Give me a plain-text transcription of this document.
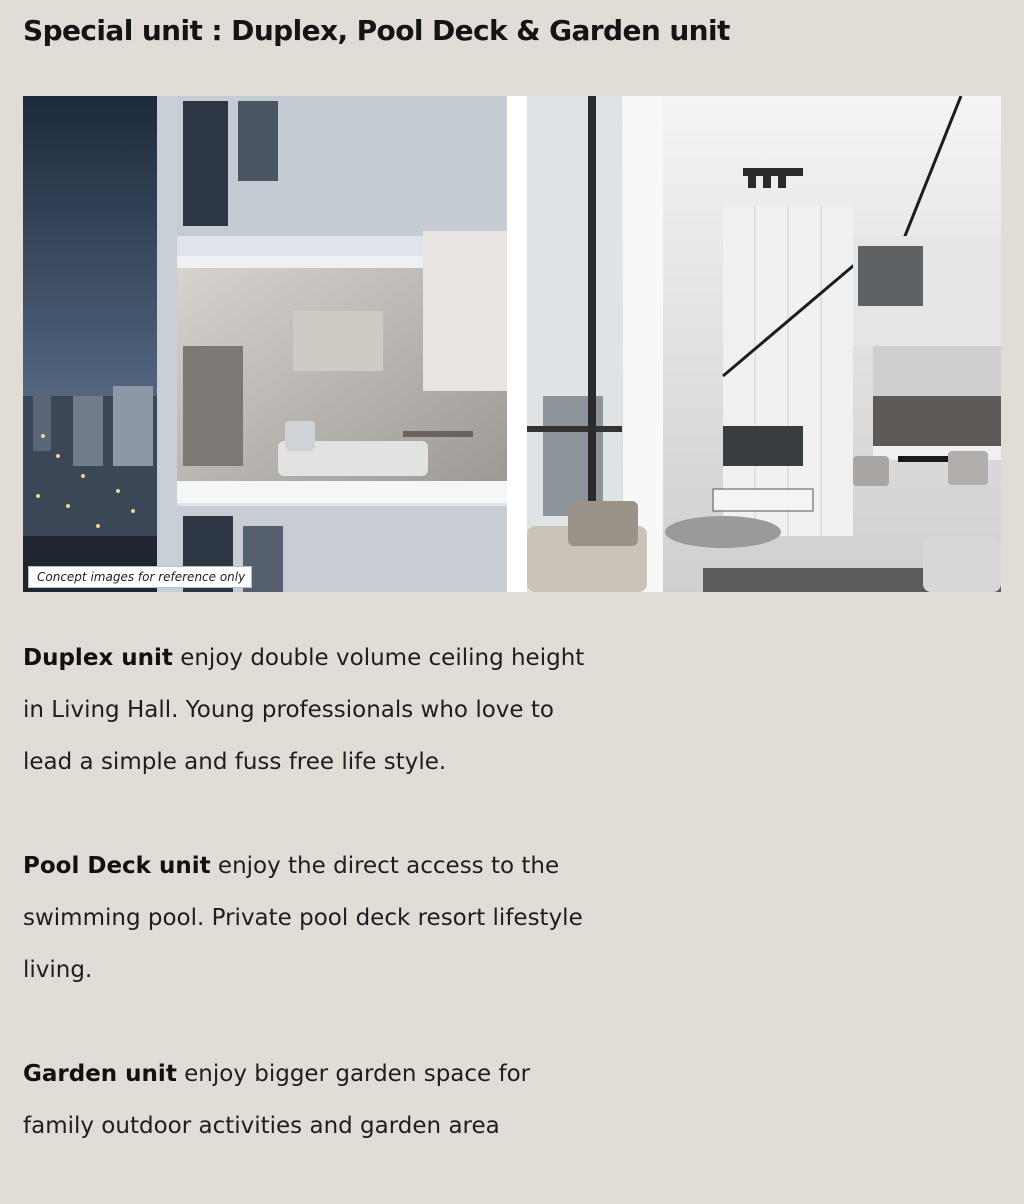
Special unit : Duplex, Pool Deck & Garden unit
Concept images for reference only

Duplex unit enjoy double volume ceiling height in Living Hall. Young professionals who love to lead a simple and fuss free life style.

Pool Deck unit enjoy the direct access to the swimming pool. Private pool deck resort lifestyle living.

Garden unit enjoy bigger garden space for family outdoor activities and garden area
